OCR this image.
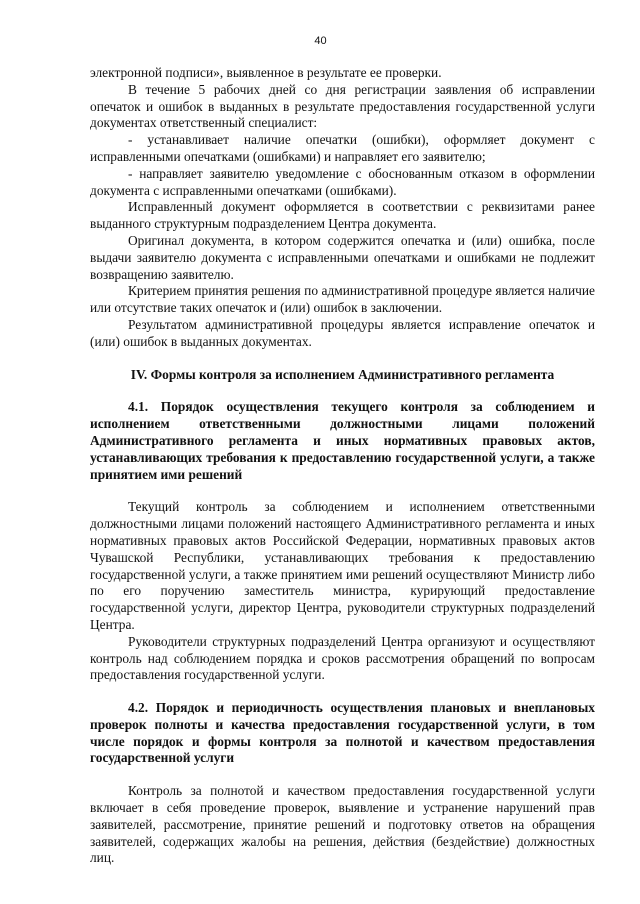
40

электронной подписи», выявленное в результате ее проверки.

В течение 5 рабочих дней со дня регистрации заявления об исправлении опечаток и ошибок в выданных в результате предоставления государственной услуги документах ответственный специалист:

- устанавливает наличие опечатки (ошибки), оформляет документ с исправленными опечатками (ошибками) и направляет его заявителю;

- направляет заявителю уведомление с обоснованным отказом в оформлении документа с исправленными опечатками (ошибками).

Исправленный документ оформляется в соответствии с реквизитами ранее выданного структурным подразделением Центра документа.

Оригинал документа, в котором содержится опечатка и (или) ошибка, после выдачи заявителю документа с исправленными опечатками и ошибками не подлежит возвращению заявителю.

Критерием принятия решения по административной процедуре является наличие или отсутствие таких опечаток и (или) ошибок в заключении.

Результатом административной процедуры является исправление опечаток и (или) ошибок в выданных документах.

IV. Формы контроля за исполнением Административного регламента

4.1. Порядок осуществления текущего контроля за соблюдением и исполнением ответственными должностными лицами положений Административного регламента и иных нормативных правовых актов, устанавливающих требования к предоставлению государственной услуги, а также принятием ими решений

Текущий контроль за соблюдением и исполнением ответственными должностными лицами положений настоящего Административного регламента и иных нормативных правовых актов Российской Федерации, нормативных правовых актов Чувашской Республики, устанавливающих требования к предоставлению государственной услуги, а также принятием ими решений осуществляют Министр либо по его поручению заместитель министра, курирующий предоставление государственной услуги, директор Центра, руководители структурных подразделений Центра.

Руководители структурных подразделений Центра организуют и осуществляют контроль над соблюдением порядка и сроков рассмотрения обращений по вопросам предоставления государственной услуги.

4.2. Порядок и периодичность осуществления плановых и внеплановых проверок полноты и качества предоставления государственной услуги, в том числе порядок и формы контроля за полнотой и качеством предоставления государственной услуги

Контроль за полнотой и качеством предоставления государственной услуги включает в себя проведение проверок, выявление и устранение нарушений прав заявителей, рассмотрение, принятие решений и подготовку ответов на обращения заявителей, содержащих жалобы на решения, действия (бездействие) должностных лиц.
